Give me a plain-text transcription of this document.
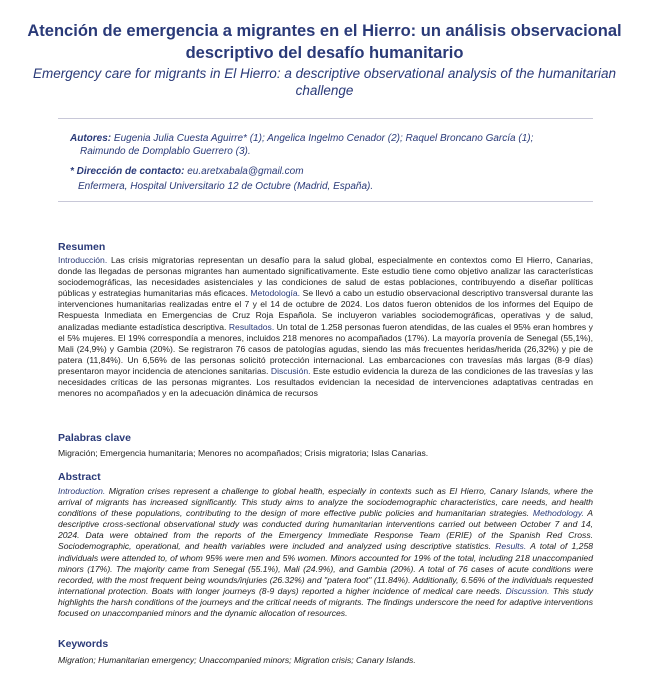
Atención de emergencia a migrantes en el Hierro: un análisis observacional descriptivo del desafío humanitario
Emergency care for migrants in El Hierro: a descriptive observational analysis of the humanitarian challenge
Autores: Eugenia Julia Cuesta Aguirre* (1); Angelica Ingelmo Cenador (2); Raquel Broncano García (1);
Raimundo de Domplablo Guerrero (3).
* Dirección de contacto: eu.aretxabala@gmail.com
Enfermera, Hospital Universitario 12 de Octubre (Madrid, España).
Resumen
Introducción. Las crisis migratorias representan un desafío para la salud global, especialmente en contextos como El Hierro, Canarias, donde las llegadas de personas migrantes han aumentado significativamente. Este estudio tiene como objetivo analizar las características sociodemográficas, las necesidades asistenciales y las condiciones de salud de estas poblaciones, contribuyendo a diseñar políticas públicas y estrategias humanitarias más eficaces. Metodología. Se llevó a cabo un estudio observacional descriptivo transversal durante las intervenciones humanitarias realizadas entre el 7 y el 14 de octubre de 2024. Los datos fueron obtenidos de los informes del Equipo de Respuesta Inmediata en Emergencias de Cruz Roja Española. Se incluyeron variables sociodemográficas, operativas y de salud, analizadas mediante estadística descriptiva. Resultados. Un total de 1.258 personas fueron atendidas, de las cuales el 95% eran hombres y el 5% mujeres. El 19% correspondía a menores, incluidos 218 menores no acompañados (17%). La mayoría provenía de Senegal (55,1%), Mali (24,9%) y Gambia (20%). Se registraron 76 casos de patologías agudas, siendo las más frecuentes heridas/herida (26,32%) y pie de patera (11,84%). Un 6,56% de las personas solicitó protección internacional. Las embarcaciones con travesías más largas (8-9 días) presentaron mayor incidencia de atenciones sanitarias. Discusión. Este estudio evidencia la dureza de las condiciones de las travesías y las necesidades críticas de las personas migrantes. Los resultados evidencian la necesidad de intervenciones adaptativas centradas en menores no acompañados y en la adecuación dinámica de recursos
Palabras clave
Migración; Emergencia humanitaria; Menores no acompañados; Crisis migratoria; Islas Canarias.
Abstract
Introduction. Migration crises represent a challenge to global health, especially in contexts such as El Hierro, Canary Islands, where the arrival of migrants has increased significantly. This study aims to analyze the sociodemographic characteristics, care needs, and health conditions of these populations, contributing to the design of more effective public policies and humanitarian strategies. Methodology. A descriptive cross-sectional observational study was conducted during humanitarian interventions carried out between October 7 and 14, 2024. Data were obtained from the reports of the Emergency Immediate Response Team (ERIE) of the Spanish Red Cross. Sociodemographic, operational, and health variables were included and analyzed using descriptive statistics. Results. A total of 1,258 individuals were attended to, of whom 95% were men and 5% women. Minors accounted for 19% of the total, including 218 unaccompanied minors (17%). The majority came from Senegal (55.1%), Mali (24.9%), and Gambia (20%). A total of 76 cases of acute conditions were recorded, with the most frequent being wounds/injuries (26.32%) and "patera foot" (11.84%). Additionally, 6.56% of the individuals requested international protection. Boats with longer journeys (8-9 days) reported a higher incidence of medical care needs. Discussion. This study highlights the harsh conditions of the journeys and the critical needs of migrants. The findings underscore the need for adaptive interventions focused on unaccompanied minors and the dynamic allocation of resources.
Keywords
Migration; Humanitarian emergency; Unaccompanied minors; Migration crisis; Canary Islands.
